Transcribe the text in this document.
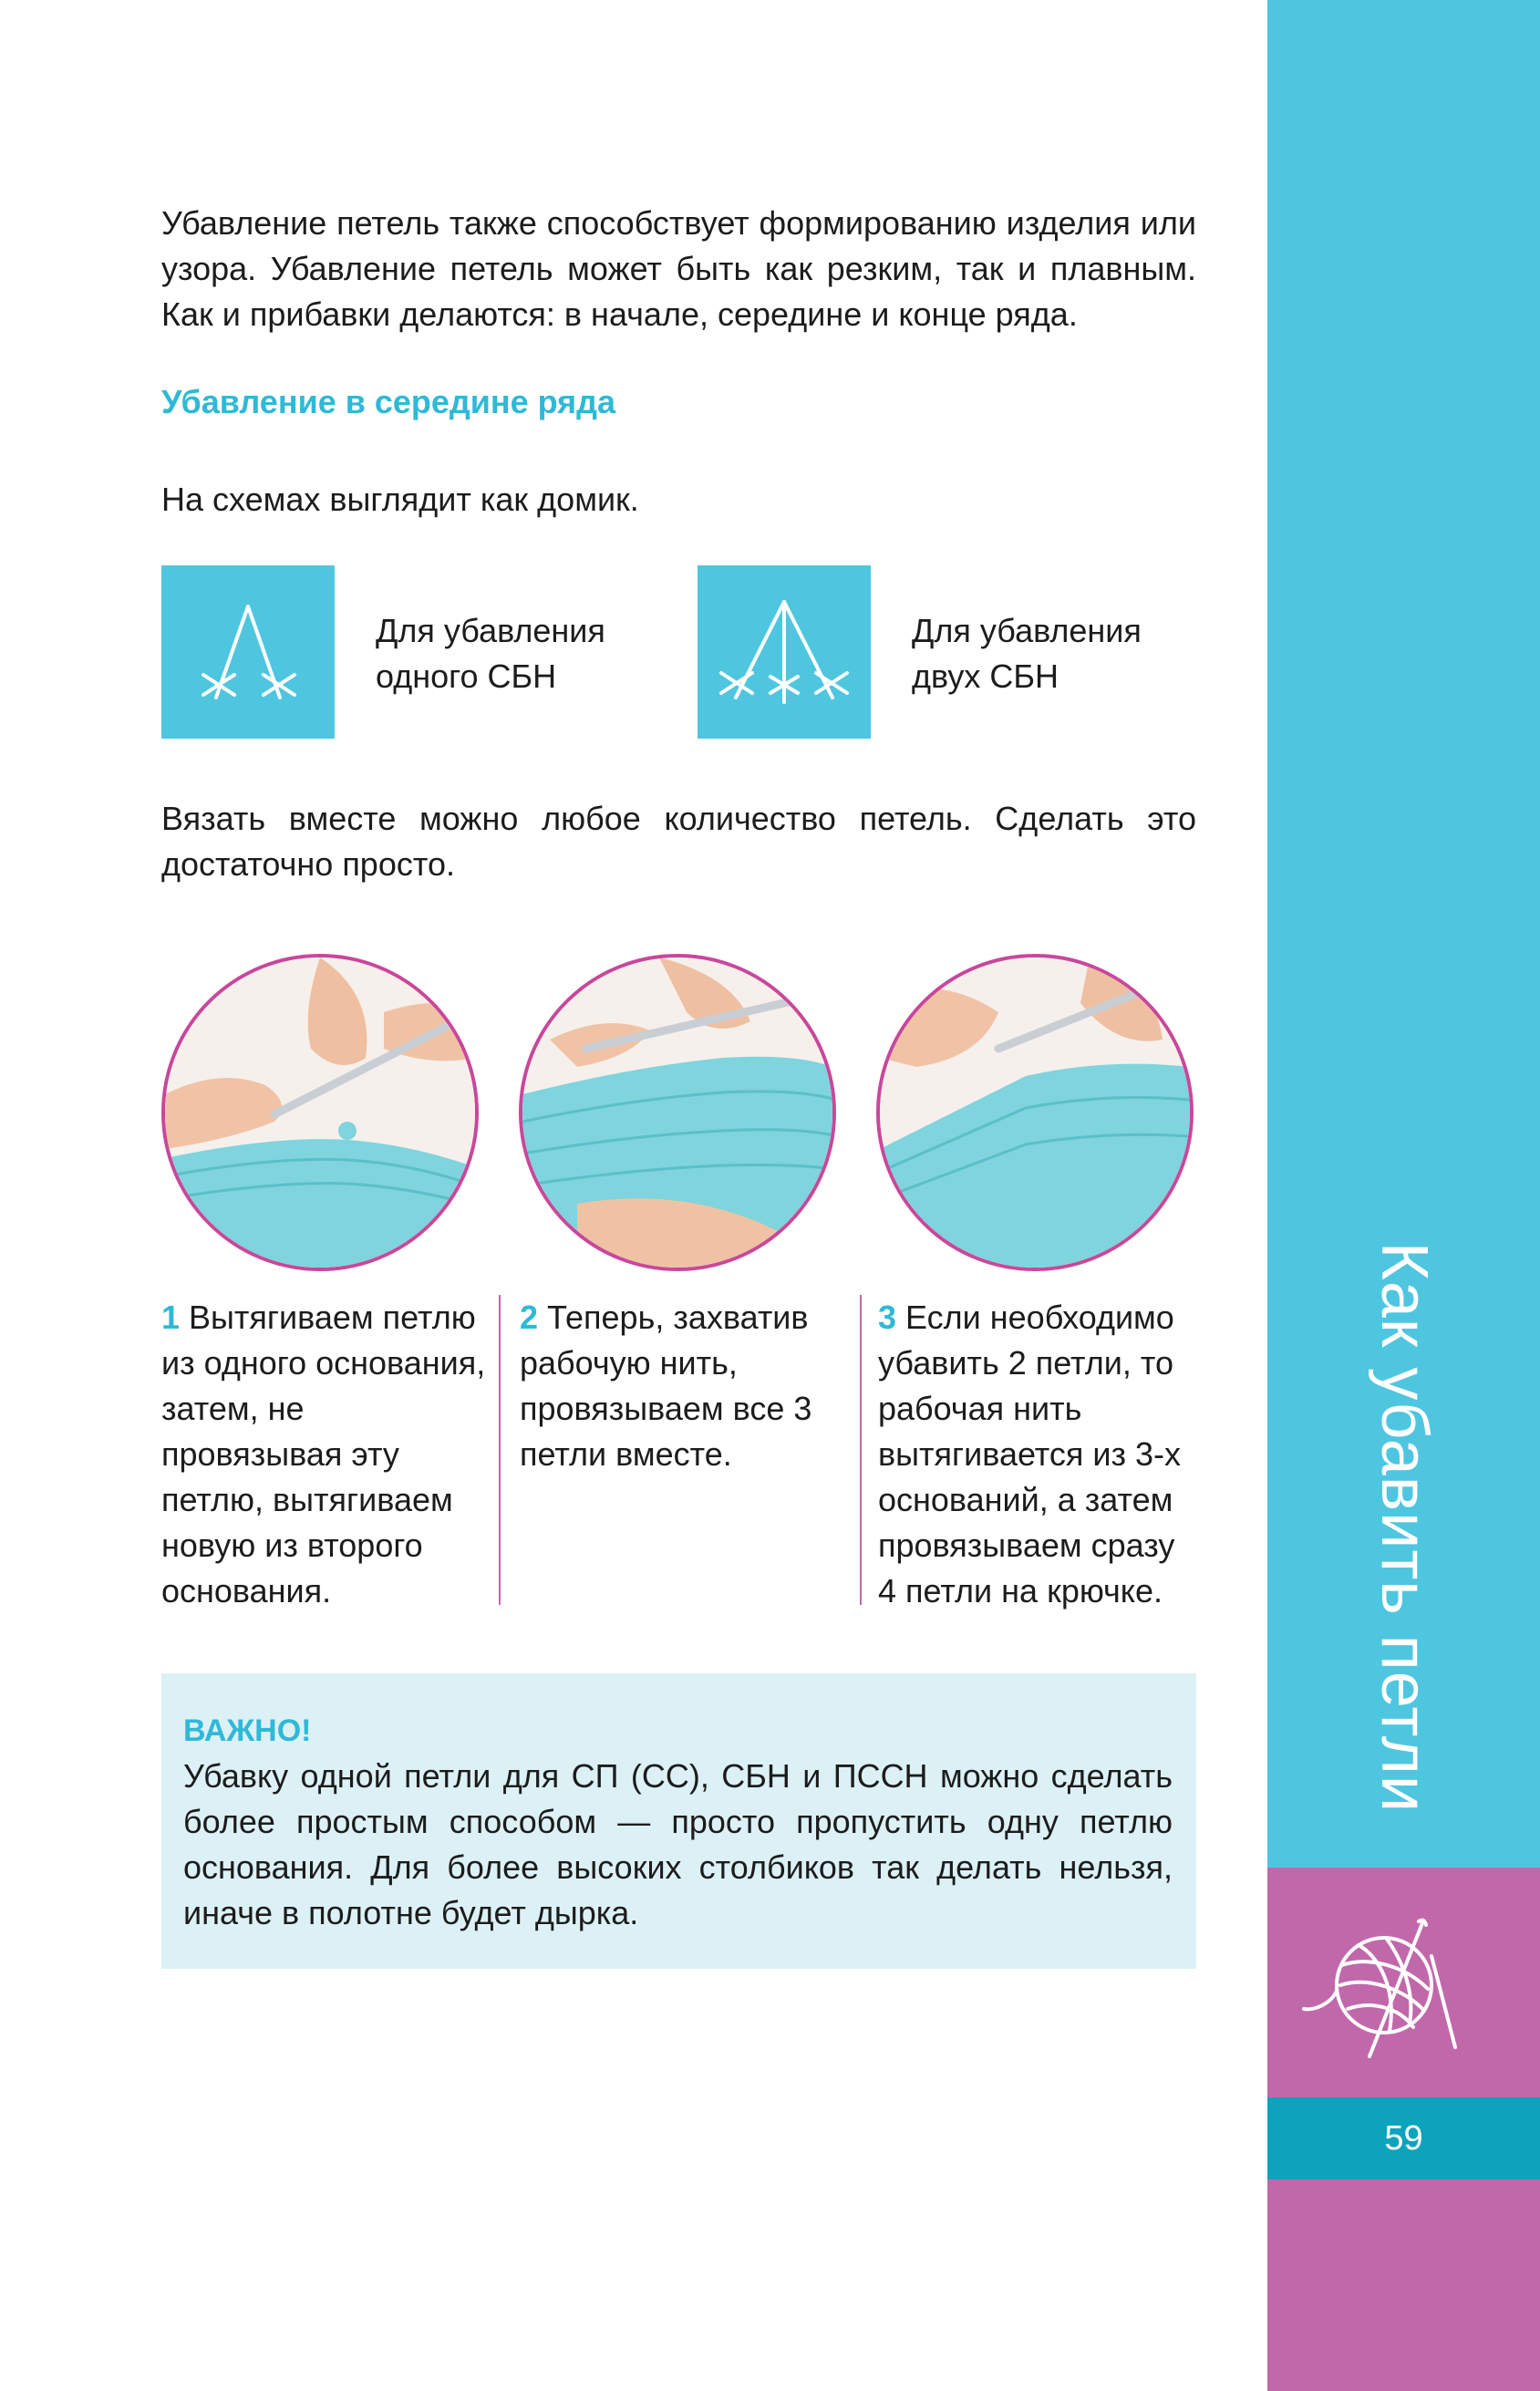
Как убавить петли
59

Убавление петель также способствует формированию изделия или узора. Убавление петель может быть как резким, так и плавным. Как и прибавки делаются: в начале, середине и конце ряда.

Убавление в середине ряда

На схемах выглядит как домик.

Для убавления
одного СБН

Для убавления
двух СБН

Вязать вместе можно любое количество петель. Сделать это достаточно просто.

1 Вытягиваем петлю из одного основания, затем, не провязывая эту петлю, вытягиваем новую из второго основания.

2 Теперь, захватив рабочую нить, провязываем все 3 петли вместе.

3 Если необходимо убавить 2 петли, то рабочая нить вытягивается из 3-х оснований, а затем провязываем сразу 4 петли на крючке.

ВАЖНО!

Убавку одной петли для СП (СС), СБН и ПССН можно сделать более простым способом — просто пропустить одну петлю основания. Для более высоких столбиков так делать нельзя, иначе в полотне будет дырка.
